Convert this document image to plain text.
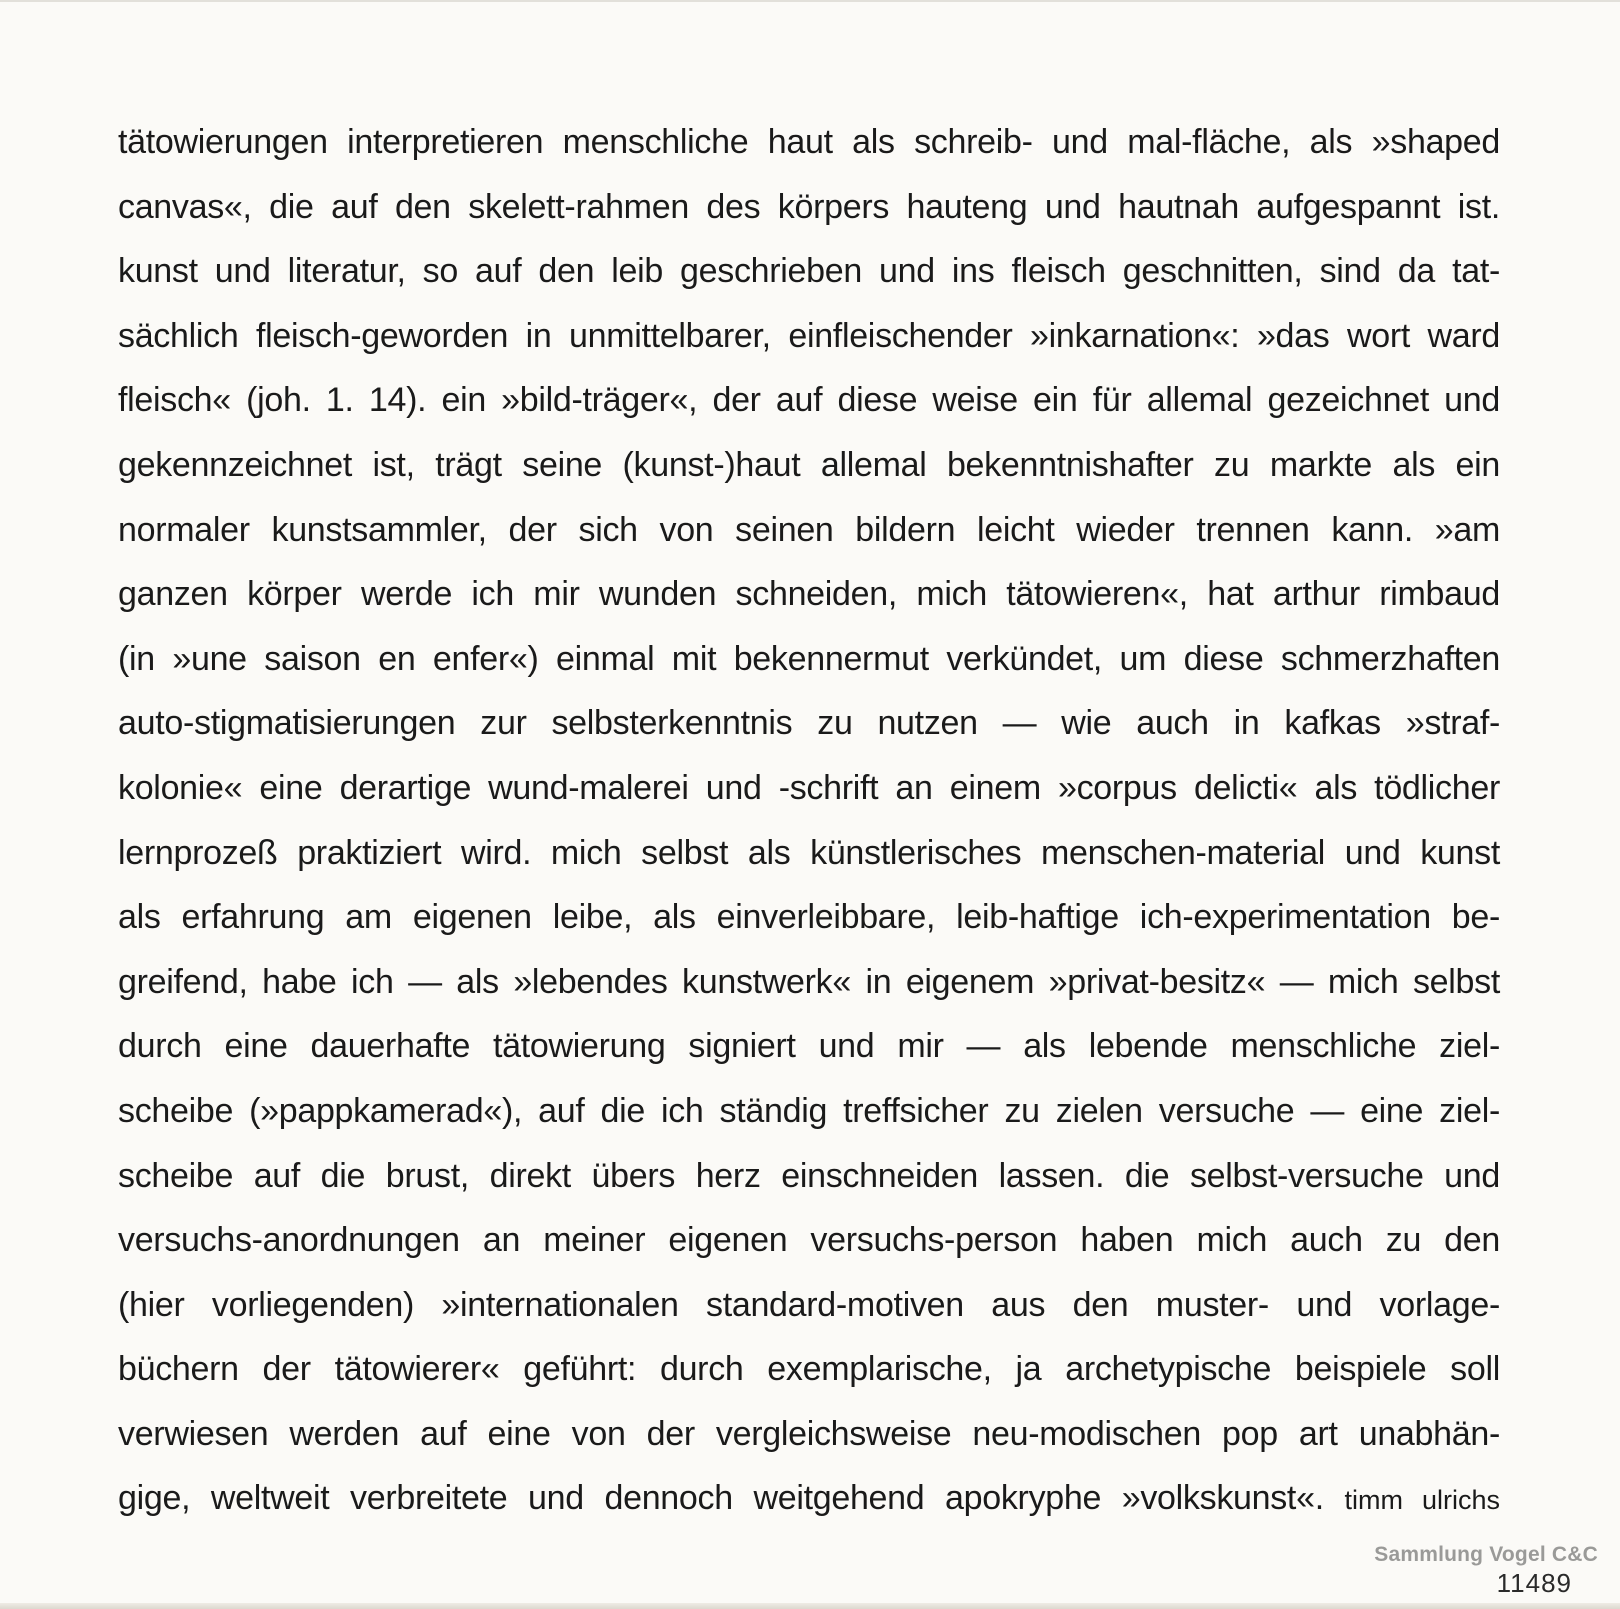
tätowierungen interpretieren menschliche haut als schreib- und mal-fläche, als »shaped
canvas«, die auf den skelett-rahmen des körpers hauteng und hautnah aufgespannt ist.
kunst und literatur, so auf den leib geschrieben und ins fleisch geschnitten, sind da tat-
sächlich fleisch-geworden in unmittelbarer, einfleischender »inkarnation«: »das wort ward
fleisch« (joh. 1. 14). ein »bild-träger«, der auf diese weise ein für allemal gezeichnet und
gekennzeichnet ist, trägt seine (kunst-)haut allemal bekenntnishafter zu markte als ein
normaler kunstsammler, der sich von seinen bildern leicht wieder trennen kann. »am
ganzen körper werde ich mir wunden schneiden, mich tätowieren«, hat arthur rimbaud
(in »une saison en enfer«) einmal mit bekennermut verkündet, um diese schmerzhaften
auto-stigmatisierungen zur selbsterkenntnis zu nutzen — wie auch in kafkas »straf-
kolonie« eine derartige wund-malerei und -schrift an einem »corpus delicti« als tödlicher
lernprozeß praktiziert wird. mich selbst als künstlerisches menschen-material und kunst
als erfahrung am eigenen leibe, als einverleibbare, leib-haftige ich-experimentation be-
greifend, habe ich — als »lebendes kunstwerk« in eigenem »privat-besitz« — mich selbst
durch eine dauerhafte tätowierung signiert und mir — als lebende menschliche ziel-
scheibe (»pappkamerad«), auf die ich ständig treffsicher zu zielen versuche — eine ziel-
scheibe auf die brust, direkt übers herz einschneiden lassen. die selbst-versuche und
versuchs-anordnungen an meiner eigenen versuchs-person haben mich auch zu den
(hier vorliegenden) »internationalen standard-motiven aus den muster- und vorlage-
büchern der tätowierer« geführt: durch exemplarische, ja archetypische beispiele soll
verwiesen werden auf eine von der vergleichsweise neu-modischen pop art unabhän-
gige, weltweit verbreitete und dennoch weitgehend apokryphe »volkskunst«. timm ulrichs
Sammlung Vogel C&C
11489
